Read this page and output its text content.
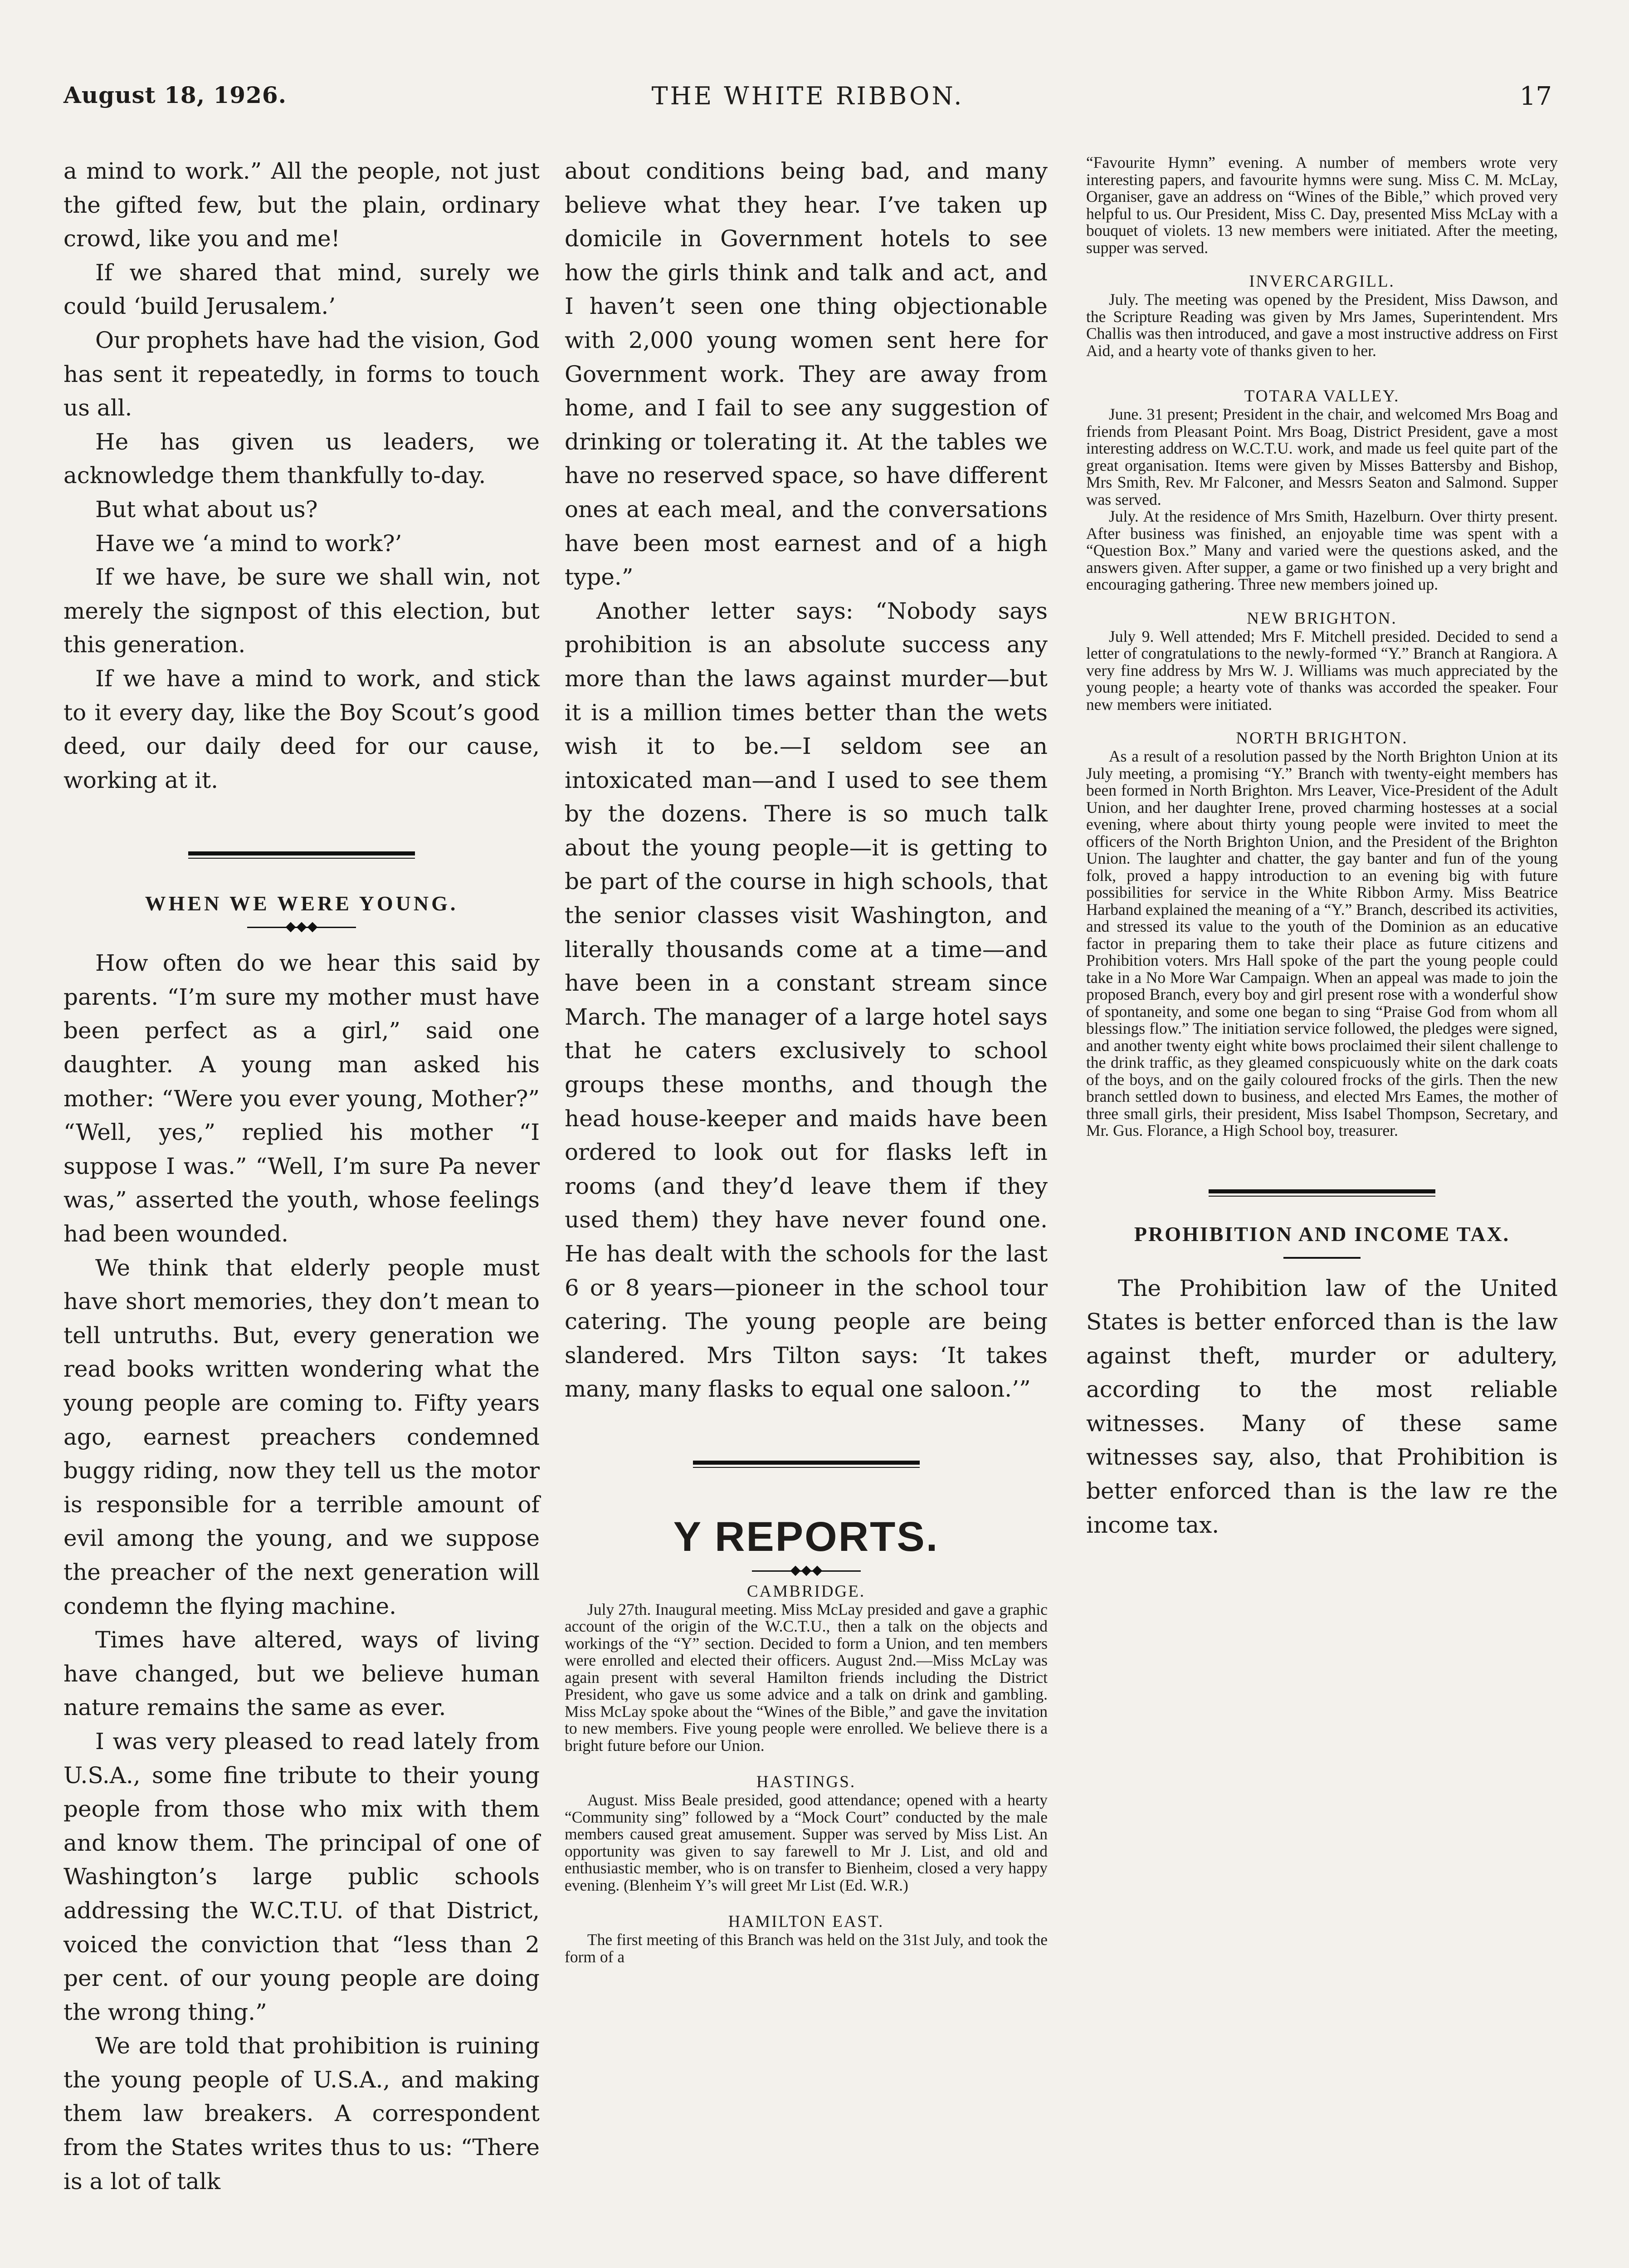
August 18, 1926.	THE WHITE RIBBON.	17

a mind to work.” All the people, not just the gifted few, but the plain, ordinary crowd, like you and me!

If we shared that mind, surely we could ‘build Jerusalem.’

Our prophets have had the vision, God has sent it repeatedly, in forms to touch us all.

He has given us leaders, we acknowledge them thankfully to-day.

But what about us?

Have we ‘a mind to work?’

If we have, be sure we shall win, not merely the signpost of this election, but this generation.

If we have a mind to work, and stick to it every day, like the Boy Scout’s good deed, our daily deed for our cause, working at it.

WHEN WE WERE YOUNG.

How often do we hear this said by parents. “I’m sure my mother must have been perfect as a girl,” said one daughter. A young man asked his mother: “Were you ever young, Mother?” “Well, yes,” replied his mother “I suppose I was.” “Well, I’m sure Pa never was,” asserted the youth, whose feelings had been wounded.

We think that elderly people must have short memories, they don’t mean to tell untruths. But, every generation we read books written wondering what the young people are coming to. Fifty years ago, earnest preachers condemned buggy riding, now they tell us the motor is responsible for a terrible amount of evil among the young, and we suppose the preacher of the next generation will condemn the flying machine.

Times have altered, ways of living have changed, but we believe human nature remains the same as ever.

I was very pleased to read lately from U.S.A., some fine tribute to their young people from those who mix with them and know them. The principal of one of Washington’s large public schools addressing the W.C.T.U. of that District, voiced the conviction that “less than 2 per cent. of our young people are doing the wrong thing.”

We are told that prohibition is ruining the young people of U.S.A., and making them law breakers. A correspondent from the States writes thus to us: “There is a lot of talk

about conditions being bad, and many believe what they hear. I’ve taken up domicile in Government hotels to see how the girls think and talk and act, and I haven’t seen one thing objectionable with 2,000 young women sent here for Government work. They are away from home, and I fail to see any suggestion of drinking or tolerating it. At the tables we have no reserved space, so have different ones at each meal, and the conversations have been most earnest and of a high type.”

Another letter says: “Nobody says prohibition is an absolute success any more than the laws against murder—but it is a million times better than the wets wish it to be.—I seldom see an intoxicated man—and I used to see them by the dozens. There is so much talk about the young people—it is getting to be part of the course in high schools, that the senior classes visit Washington, and literally thousands come at a time—and have been in a constant stream since March. The manager of a large hotel says that he caters exclusively to school groups these months, and though the head house-keeper and maids have been ordered to look out for flasks left in rooms (and they’d leave them if they used them) they have never found one. He has dealt with the schools for the last 6 or 8 years—pioneer in the school tour catering. The young people are being slandered. Mrs Tilton says: ‘It takes many, many flasks to equal one saloon.’”

Y REPORTS.

CAMBRIDGE.

July 27th. Inaugural meeting. Miss McLay presided and gave a graphic account of the origin of the W.C.T.U., then a talk on the objects and workings of the “Y” section. Decided to form a Union, and ten members were enrolled and elected their officers. August 2nd.—Miss McLay was again present with several Hamilton friends including the District President, who gave us some advice and a talk on drink and gambling. Miss McLay spoke about the “Wines of the Bible,” and gave the invitation to new members. Five young people were enrolled. We believe there is a bright future before our Union.

HASTINGS.

August. Miss Beale presided, good attendance; opened with a hearty “Community sing” followed by a “Mock Court” conducted by the male members caused great amusement. Supper was served by Miss List. An opportunity was given to say farewell to Mr J. List, and old and enthusiastic member, who is on transfer to Bienheim, closed a very happy evening. (Blenheim Y’s will greet Mr List (Ed. W.R.)

HAMILTON EAST.

The first meeting of this Branch was held on the 31st July, and took the form of a

“Favourite Hymn” evening. A number of members wrote very interesting papers, and favourite hymns were sung. Miss C. M. McLay, Organiser, gave an address on “Wines of the Bible,” which proved very helpful to us. Our President, Miss C. Day, presented Miss McLay with a bouquet of violets. 13 new members were initiated. After the meeting, supper was served.

INVERCARGILL.

July. The meeting was opened by the President, Miss Dawson, and the Scripture Reading was given by Mrs James, Superintendent. Mrs Challis was then introduced, and gave a most instructive address on First Aid, and a hearty vote of thanks given to her.

TOTARA VALLEY.

June. 31 present; President in the chair, and welcomed Mrs Boag and friends from Pleasant Point. Mrs Boag, District President, gave a most interesting address on W.C.T.U. work, and made us feel quite part of the great organisation. Items were given by Misses Battersby and Bishop, Mrs Smith, Rev. Mr Falconer, and Messrs Seaton and Salmond. Supper was served.

July. At the residence of Mrs Smith, Hazelburn. Over thirty present. After business was finished, an enjoyable time was spent with a “Question Box.” Many and varied were the questions asked, and the answers given. After supper, a game or two finished up a very bright and encouraging gathering. Three new members joined up.

NEW BRIGHTON.

July 9. Well attended; Mrs F. Mitchell presided. Decided to send a letter of congratulations to the newly-formed “Y.” Branch at Rangiora. A very fine address by Mrs W. J. Williams was much appreciated by the young people; a hearty vote of thanks was accorded the speaker. Four new members were initiated.

NORTH BRIGHTON.

As a result of a resolution passed by the North Brighton Union at its July meeting, a promising “Y.” Branch with twenty-eight members has been formed in North Brighton. Mrs Leaver, Vice-President of the Adult Union, and her daughter Irene, proved charming hostesses at a social evening, where about thirty young people were invited to meet the officers of the North Brighton Union, and the President of the Brighton Union. The laughter and chatter, the gay banter and fun of the young folk, proved a happy introduction to an evening big with future possibilities for service in the White Ribbon Army. Miss Beatrice Harband explained the meaning of a “Y.” Branch, described its activities, and stressed its value to the youth of the Dominion as an educative factor in preparing them to take their place as future citizens and Prohibition voters. Mrs Hall spoke of the part the young people could take in a No More War Campaign. When an appeal was made to join the proposed Branch, every boy and girl present rose with a wonderful show of spontaneity, and some one began to sing “Praise God from whom all blessings flow.” The initiation service followed, the pledges were signed, and another twenty eight white bows proclaimed their silent challenge to the drink traffic, as they gleamed conspicuously white on the dark coats of the boys, and on the gaily coloured frocks of the girls. Then the new branch settled down to business, and elected Mrs Eames, the mother of three small girls, their president, Miss Isabel Thompson, Secretary, and Mr. Gus. Florance, a High School boy, treasurer.

PROHIBITION AND INCOME TAX.

The Prohibition law of the United States is better enforced than is the law against theft, murder or adultery, according to the most reliable witnesses. Many of these same witnesses say, also, that Prohibition is better enforced than is the law re the income tax.
